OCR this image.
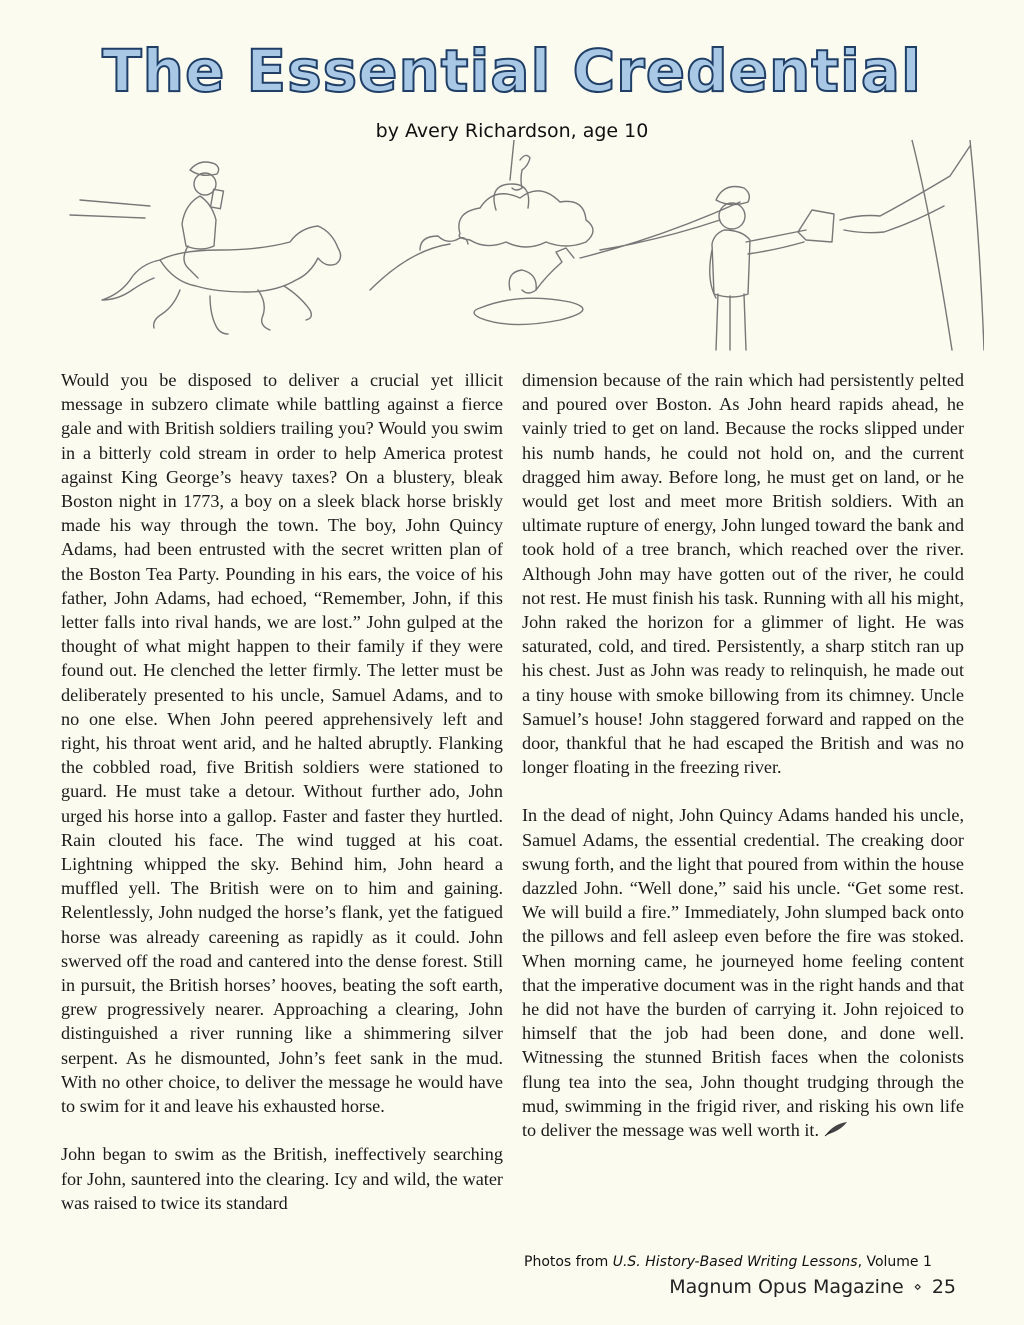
The Essential Credential
by Avery Richardson, age 10

Would you be disposed to deliver a crucial yet illicit message in subzero climate while battling against a fierce gale and with British soldiers trailing you? Would you swim in a bitterly cold stream in order to help America protest against King George’s heavy taxes? On a blustery, bleak Boston night in 1773, a boy on a sleek black horse briskly made his way through the town. The boy, John Quincy Adams, had been entrusted with the secret written plan of the Boston Tea Party. Pounding in his ears, the voice of his father, John Adams, had echoed, “Remember, John, if this letter falls into rival hands, we are lost.” John gulped at the thought of what might happen to their family if they were found out. He clenched the letter firmly. The letter must be deliberately presented to his uncle, Samuel Adams, and to no one else. When John peered apprehensively left and right, his throat went arid, and he halted abruptly. Flanking the cobbled road, five British soldiers were stationed to guard. He must take a detour. Without further ado, John urged his horse into a gallop. Faster and faster they hurtled. Rain clouted his face. The wind tugged at his coat. Lightning whipped the sky. Behind him, John heard a muffled yell. The British were on to him and gaining. Relentlessly, John nudged the horse’s flank, yet the fatigued horse was already careening as rapidly as it could. John swerved off the road and cantered into the dense forest. Still in pursuit, the British horses’ hooves, beating the soft earth, grew progressively nearer. Approaching a clearing, John distinguished a river running like a shimmering silver serpent. As he dismounted, John’s feet sank in the mud. With no other choice, to deliver the message he would have to swim for it and leave his exhausted horse.

John began to swim as the British, ineffectively searching for John, sauntered into the clearing. Icy and wild, the water was raised to twice its standard

dimension because of the rain which had persistently pelted and poured over Boston. As John heard rapids ahead, he vainly tried to get on land. Because the rocks slipped under his numb hands, he could not hold on, and the current dragged him away. Before long, he must get on land, or he would get lost and meet more British soldiers. With an ultimate rupture of energy, John lunged toward the bank and took hold of a tree branch, which reached over the river. Although John may have gotten out of the river, he could not rest. He must finish his task. Running with all his might, John raked the horizon for a glimmer of light. He was saturated, cold, and tired. Persistently, a sharp stitch ran up his chest. Just as John was ready to relinquish, he made out a tiny house with smoke billowing from its chimney. Uncle Samuel’s house! John staggered forward and rapped on the door, thankful that he had escaped the British and was no longer floating in the freezing river.

In the dead of night, John Quincy Adams handed his uncle, Samuel Adams, the essential credential. The creaking door swung forth, and the light that poured from within the house dazzled John. “Well done,” said his uncle. “Get some rest. We will build a fire.” Immediately, John slumped back onto the pillows and fell asleep even before the fire was stoked. When morning came, he journeyed home feeling content that the imperative document was in the right hands and that he did not have the burden of carrying it. John rejoiced to himself that the job had been done, and done well. Witnessing the stunned British faces when the colonists flung tea into the sea, John thought trudging through the mud, swimming in the frigid river, and risking his own life to deliver the message was well worth it.

Photos from U.S. History-Based Writing Lessons, Volume 1
Magnum Opus Magazine ⋄ 25
